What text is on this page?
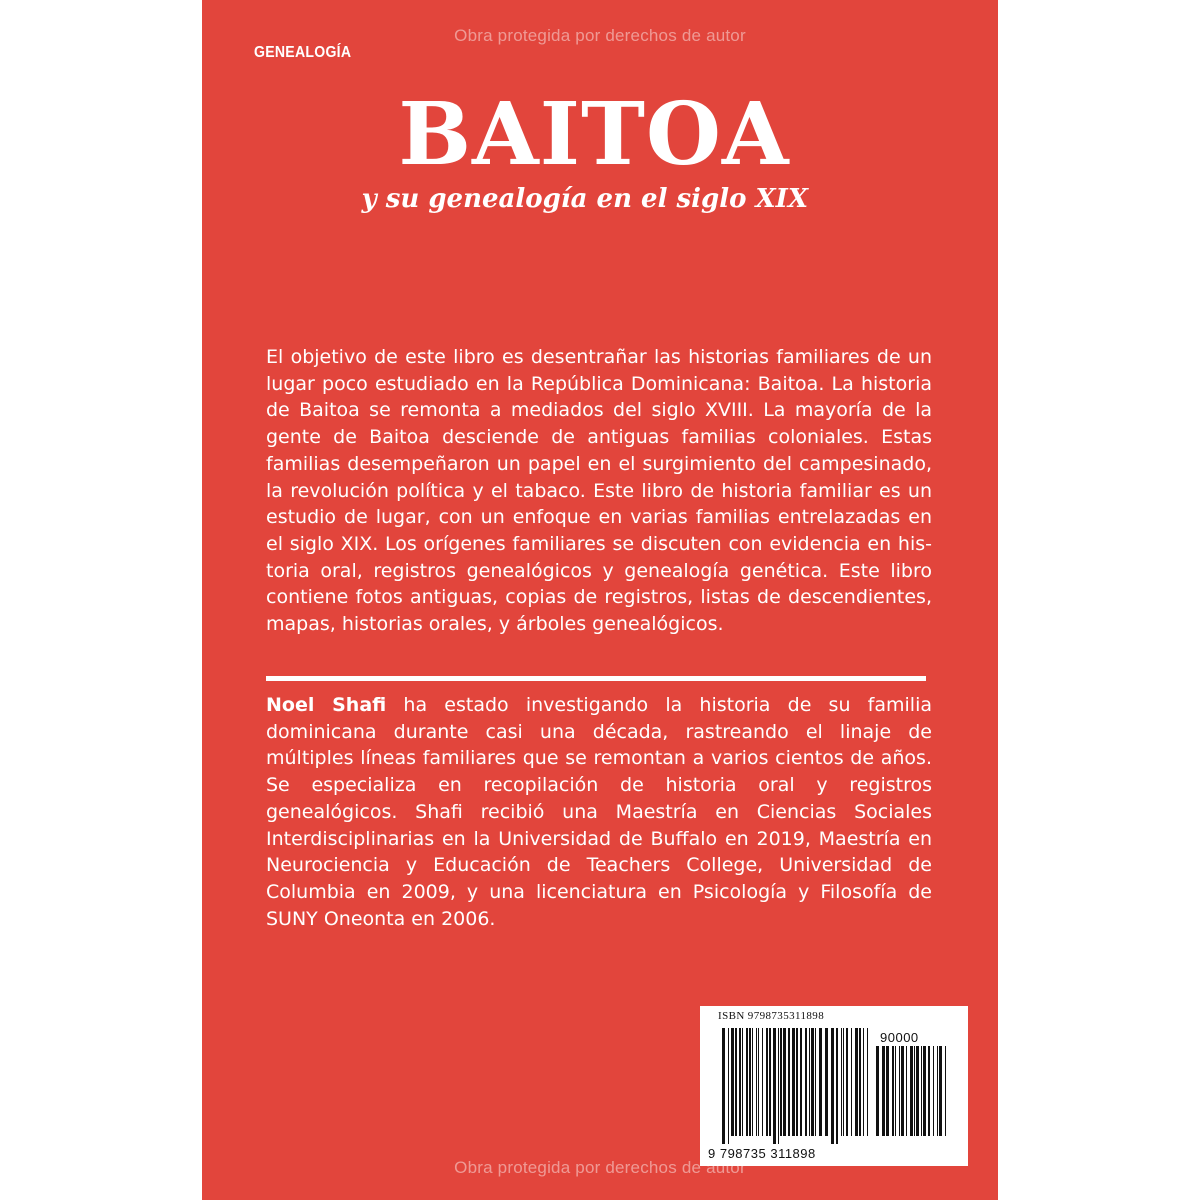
Obra protegida por derechos de autor
GENEALOGÍA
BAITOA
y su genealogía en el siglo XIX
El objetivo de este libro es desentrañar las historias familiares de un lugar poco estudiado en la República Dominicana: Baitoa. La historia de Baitoa se remonta a mediados del siglo XVIII. La mayoría de la gente de Baitoa desciende de antiguas familias coloniales. Estas familias desempeñaron un papel en el surgimiento del campesinado, la revolución política y el tabaco. Este libro de historia familiar es un estudio de lugar, con un enfoque en varias familias entrelazadas en el siglo XIX. Los orígenes familiares se discuten con evidencia en historia oral, registros genealógicos y genealogía genética. Este libro contiene fotos antiguas, copias de registros, listas de descendientes, mapas, historias orales, y árboles genealógicos.
Noel Shafi ha estado investigando la historia de su familia dominicana durante casi una década, rastreando el linaje de múltiples líneas familiares que se remontan a varios cientos de años. Se especializa en recopilación de historia oral y registros genealógicos. Shafi recibió una Maestría en Ciencias Sociales Interdisciplinarias en la Universidad de Buffalo en 2019, Maestría en Neurociencia y Educación de Teachers College, Universidad de Columbia en 2009, y una licenciatura en Psicología y Filosofía de SUNY Oneonta en 2006.
ISBN 9798735311898
90000
9 798735 311898
Obra protegida por derechos de autor
